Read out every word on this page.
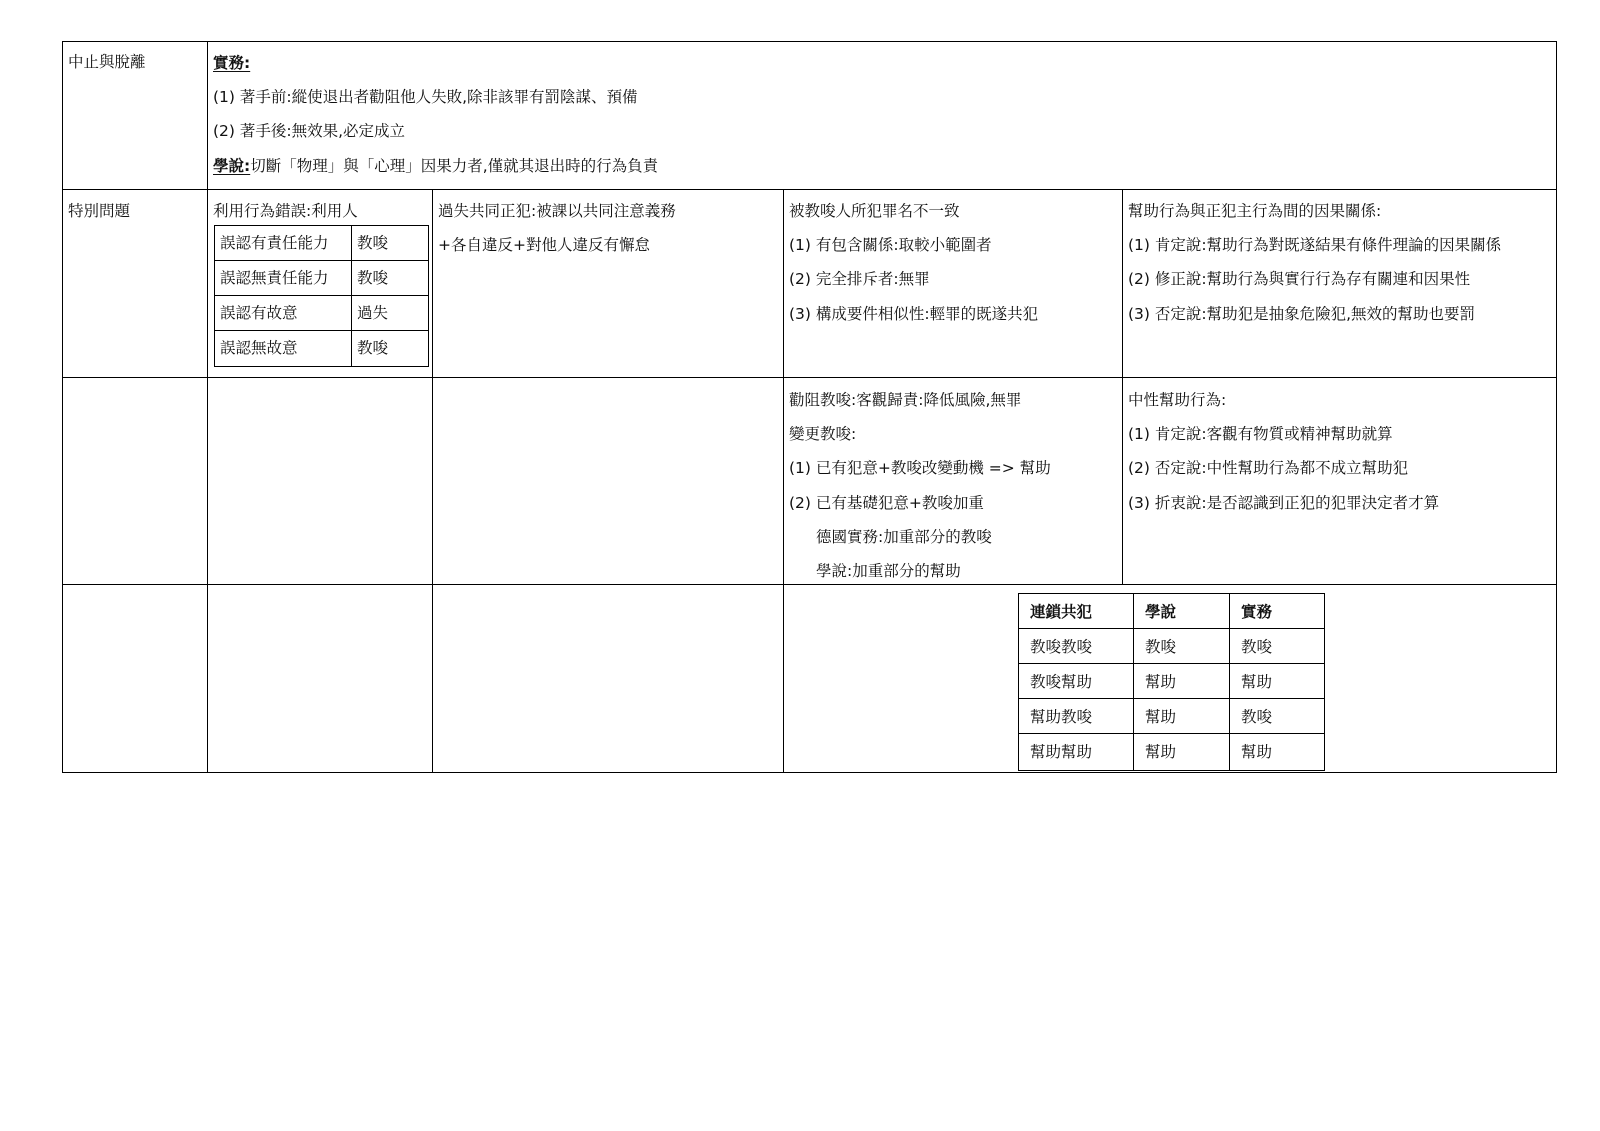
中止與脫離	實務:
(1) 著手前:縱使退出者勸阻他人失敗,除非該罪有罰陰謀、預備
(2) 著手後:無效果,必定成立
學說:切斷「物理」與「心理」因果力者,僅就其退出時的行為負責
特別問題	利用行為錯誤:利用人
誤認有責任能力 教唆
誤認無責任能力 教唆
誤認有故意	過失
誤認無故意	教唆
過失共同正犯:被課以共同注意義務
+各自違反+對他人違反有懈怠
被教唆人所犯罪名不一致
(1) 有包含關係:取較小範圍者
(2) 完全排斥者:無罪
(3) 構成要件相似性:輕罪的既遂共犯
幫助行為與正犯主行為間的因果關係:
(1) 肯定說:幫助行為對既遂結果有條件理論的因果關係
(2) 修正說:幫助行為與實行行為存有關連和因果性
(3) 否定說:幫助犯是抽象危險犯,無效的幫助也要罰
勸阻教唆:客觀歸責:降低風險,無罪
變更教唆:
(1) 已有犯意+教唆改變動機 => 幫助
(2) 已有基礎犯意+教唆加重
德國實務:加重部分的教唆
學說:加重部分的幫助
中性幫助行為:
(1) 肯定說:客觀有物質或精神幫助就算
(2) 否定說:中性幫助行為都不成立幫助犯
(3) 折衷說:是否認識到正犯的犯罪決定者才算
連鎖共犯	學說	實務
教唆教唆	教唆	教唆
教唆幫助	幫助	幫助
幫助教唆	幫助	教唆
幫助幫助	幫助	幫助
